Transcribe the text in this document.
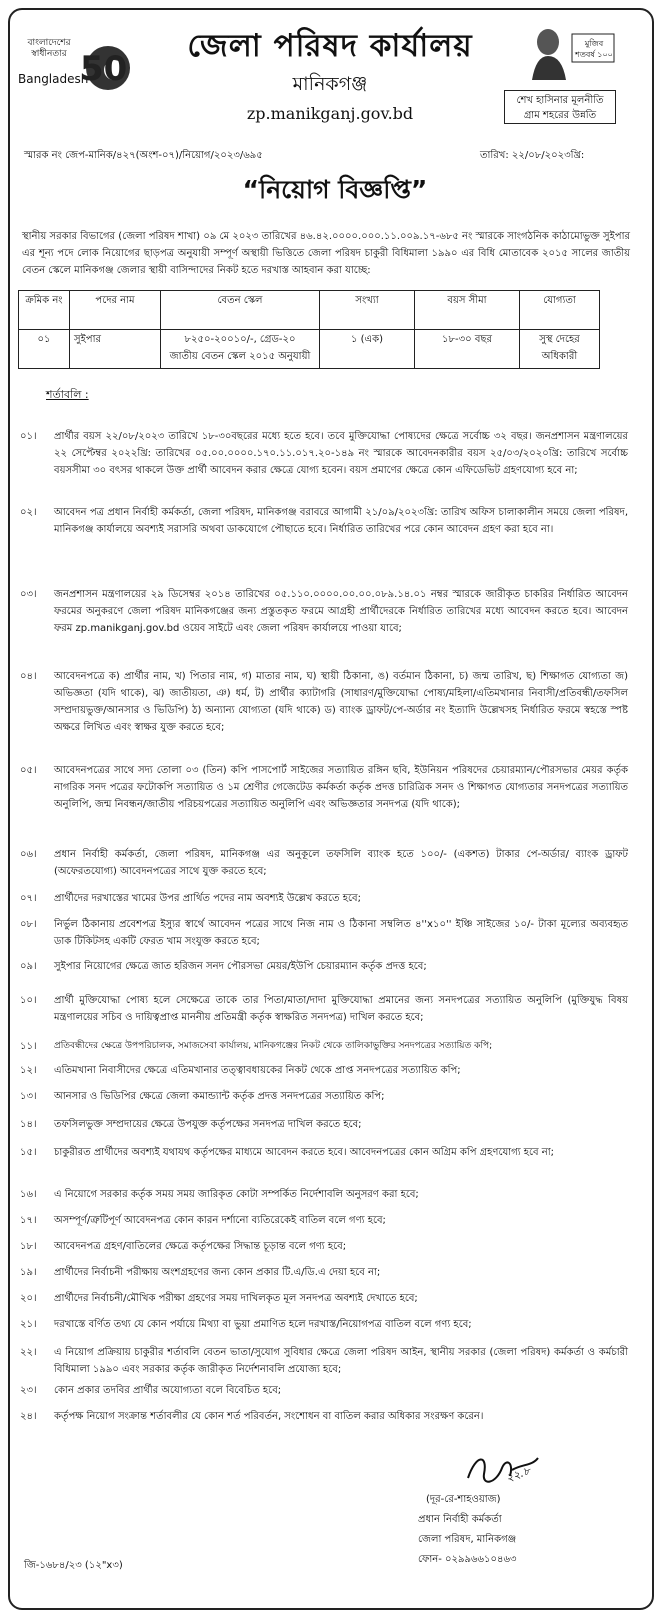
বাংলাদেশের স্বাধীনতার
Bangladesh
50
মুজিব শতবর্ষ ১০০
শেখ হাসিনার মূলনীতি
গ্রাম শহরের উন্নতি
জেলা পরিষদ কার্যালয়
মানিকগঞ্জ
zp.manikganj.gov.bd
স্মারক নং জেপ-মানিক/৪২৭(অংশ-০৭)/নিয়োগ/২০২৩/৬৯৫	তারিখ: ২২/০৮/২০২৩খ্রি:
“নিয়োগ বিজ্ঞপ্তি”
স্থানীয় সরকার বিভাগের (জেলা পরিষদ শাখা) ০৯ মে ২০২৩ তারিখের ৪৬.৪২.০০০০.০০০.১১.০০৯.১৭-৬৮৫ নং স্মারকে সাংগঠনিক কাঠামোভুক্ত সুইপার এর শূন্য পদে লোক নিয়োগের ছাড়পত্র অনুযায়ী সম্পূর্ণ অস্থায়ী ভিত্তিতে জেলা পরিষদ চাকুরী বিধিমালা ১৯৯০ এর বিধি মোতাবেক ২০১৫ সালের জাতীয় বেতন স্কেলে মানিকগঞ্জ জেলার স্থায়ী বাসিন্দাদের নিকট হতে দরখাস্ত আহবান করা যাচ্ছে:
ক্রমিক নং	পদের নাম	বেতন স্কেল	সংখ্যা	বয়স সীমা	যোগ্যতা
০১	সুইপার	৮২৫০-২০০১০/-, গ্রেড-২০
জাতীয় বেতন স্কেল ২০১৫ অনুযায়ী	১ (এক)	১৮-৩০ বছর	সুস্থ দেহের অধিকারী
শর্তাবলি :
০১।	প্রার্থীর বয়স ২২/০৮/২০২৩ তারিখে ১৮-৩০বছরের মধ্যে হতে হবে। তবে মুক্তিযোদ্ধা পোষ্যদের ক্ষেত্রে সর্বোচ্চ ৩২ বছর। জনপ্রশাসন মন্ত্রণালয়ের ২২ সেপ্টেম্বর ২০২২খ্রি: তারিখের ০৫.০০.০০০০.১৭০.১১.০১৭.২০-১৪৯ নং স্মারকে আবেদনকারীর বয়স ২৫/০৩/২০২০খ্রি: তারিখে সর্বোচ্চ বয়সসীমা ৩০ বৎসর থাকলে উক্ত প্রার্থী আবেদন করার ক্ষেত্রে যোগ্য হবেন। বয়স প্রমাণের ক্ষেত্রে কোন এফিডেভিট গ্রহণযোগ্য হবে না;
০২।	আবেদন পত্র প্রধান নির্বাহী কর্মকর্তা, জেলা পরিষদ, মানিকগঞ্জ বরাবরে আগামী ২১/০৯/২০২৩খ্রি: তারিখ অফিস চালাকালীন সময়ে জেলা পরিষদ, মানিকগঞ্জ কার্যালয়ে অবশ্যই সরাসরি অথবা ডাকযোগে পৌছাতে হবে। নির্ধারিত তারিখের পরে কোন আবেদন গ্রহণ করা হবে না।
০৩।	জনপ্রশাসন মন্ত্রণালয়ের ২৯ ডিসেম্বর ২০১৪ তারিখের ০৫.১১০.০০০০.০০.০০.০৮৯.১৪.০১ নম্বর স্মারকে জারীকৃত চাকরির নির্ধারিত আবেদন ফরমের অনুকরণে জেলা পরিষদ মানিকগঞ্জের জন্য প্রস্তুতকৃত ফরমে আগ্রহী প্রার্থীদেরকে নির্ধারিত তারিখের মধ্যে আবেদন করতে হবে। আবেদন ফরম zp.manikganj.gov.bd ওয়েব সাইটে এবং জেলা পরিষদ কার্যালয়ে পাওয়া যাবে;
০৪।	আবেদনপত্রে ক) প্রার্থীর নাম, খ) পিতার নাম, গ) মাতার নাম, ঘ) স্থায়ী ঠিকানা, ঙ) বর্তমান ঠিকানা, চ) জন্ম তারিখ, ছ) শিক্ষাগত যোগ্যতা জ) অভিজ্ঞতা (যদি থাকে), ঝ) জাতীয়তা, ঞ) ধর্ম, ট) প্রার্থীর ক্যাটাগরি (সাধারণ/মুক্তিযোদ্ধা পোষ্য/মহিলা/এতিমখানার নিবাসী/প্রতিবন্ধী/তফসিল সম্প্রদায়ভুক্ত/আনসার ও ভিডিপি) ঠ) অন্যান্য যোগ্যতা (যদি থাকে) ড) ব্যাংক ড্রাফট/পে-অর্ডার নং ইত্যাদি উল্লেখসহ নির্ধারিত ফরমে স্বহস্তে স্পষ্ট অক্ষরে লিখিত এবং স্বাক্ষর যুক্ত করতে হবে;
০৫।	আবেদনপত্রের সাথে সদ্য তোলা ০৩ (তিন) কপি পাসপোর্ট সাইজের সত্যায়িত রঙ্গিন ছবি, ইউনিয়ন পরিষদের চেয়ারম্যান/পৌরসভার মেয়র কর্তৃক নাগরিক সনদ পত্রের ফটোকপি সত্যায়িত ও ১ম শ্রেণীর গেজেটেড কর্মকর্তা কর্তৃক প্রদত্ত চারিত্রিক সনদ ও শিক্ষাগত যোগ্যতার সনদপত্রের সত্যায়িত অনুলিপি, জন্ম নিবন্ধন/জাতীয় পরিচয়পত্রের সত্যায়িত অনুলিপি এবং অভিজ্ঞতার সনদপত্র (যদি থাকে);
০৬।	প্রধান নির্বাহী কর্মকর্তা, জেলা পরিষদ, মানিকগঞ্জ এর অনুকূলে তফসিলি ব্যাংক হতে ১০০/- (একশত) টাকার পে-অর্ডার/ ব্যাংক ড্রাফট (অফেরতযোগ্য) আবেদনপত্রের সাথে যুক্ত করতে হবে;
০৭।	প্রার্থীদের দরখাস্তের খামের উপর প্রার্থিত পদের নাম অবশ্যই উল্লেখ করতে হবে;
০৮।	নির্ভুল ঠিকানায় প্রবেশপত্র ইস্যুর স্বার্থে আবেদন পত্রের সাথে নিজ নাম ও ঠিকানা সম্বলিত ৪''x১০'' ইঞ্চি সাইজের ১০/- টাকা মূল্যের অব্যবহৃত ডাক টিকিটসহ একটি ফেরত খাম সংযুক্ত করতে হবে;
০৯।	সুইপার নিয়োগের ক্ষেত্রে জাত হরিজন সনদ পৌরসভা মেয়র/ইউপি চেয়ারম্যান কর্তৃক প্রদত্ত হবে;
১০।	প্রার্থী মুক্তিযোদ্ধা পোষ্য হলে সেক্ষেত্রে তাকে তার পিতা/মাতা/দাদা মুক্তিযোদ্ধা প্রমানের জন্য সনদপত্রের সত্যায়িত অনুলিপি (মুক্তিযুদ্ধ বিষয় মন্ত্রণালয়ের সচিব ও দায়িত্বপ্রাপ্ত মাননীয় প্রতিমন্ত্রী কর্তৃক স্বাক্ষরিত সনদপত্র) দাখিল করতে হবে;
১১।	প্রতিবন্ধীদের ক্ষেত্রে উপপরিচালক, সমাজসেবা কার্যালয়, মানিকগঞ্জের নিকট থেকে তালিকাভুক্তির সনদপত্রের সত্যায়িত কপি;
১২।	এতিমখানা নিবাসীদের ক্ষেত্রে এতিমখানার তত্ত্বাবধায়কের নিকট থেকে প্রাপ্ত সনদপত্রের সত্যায়িত কপি;
১৩।	আনসার ও ভিডিপির ক্ষেত্রে জেলা কমান্ড্যান্ট কর্তৃক প্রদত্ত সনদপত্রের সত্যায়িত কপি;
১৪।	তফসিলভুক্ত সম্প্রদায়ের ক্ষেত্রে উপযুক্ত কর্তৃপক্ষের সনদপত্র দাখিল করতে হবে;
১৫।	চাকুরীরত প্রার্থীদের অবশ্যই যথাযথ কর্তৃপক্ষের মাধ্যমে আবেদন করতে হবে। আবেদনপত্রের কোন অগ্রিম কপি গ্রহণযোগ্য হবে না;
১৬।	এ নিয়োগে সরকার কর্তৃক সময় সময় জারিকৃত কোটা সম্পর্কিত নির্দেশাবলি অনুসরণ করা হবে;
১৭।	অসম্পূর্ণ/ত্রুটিপূর্ণ আবেদনপত্র কোন কারন দর্শানো ব্যতিরেকেই বাতিল বলে গণ্য হবে;
১৮।	আবেদনপত্র গ্রহণ/বাতিলের ক্ষেত্রে কর্তৃপক্ষের সিদ্ধান্ত চূড়ান্ত বলে গণ্য হবে;
১৯।	প্রার্থীদের নির্বাচনী পরীক্ষায় অংশগ্রহণের জন্য কোন প্রকার টি.এ/ডি.এ দেয়া হবে না;
২০।	প্রার্থীদের নির্বাচনী/মৌখিক পরীক্ষা গ্রহণের সময় দাখিলকৃত মূল সনদপত্র অবশ্যই দেখাতে হবে;
২১।	দরখাস্তে বর্ণিত তথ্য যে কোন পর্যায়ে মিথ্যা বা ভুয়া প্রমাণিত হলে দরখাস্ত/নিয়োগপত্র বাতিল বলে গণ্য হবে;
২২।	এ নিয়োগ প্রক্রিয়ায় চাকুরীর শর্তাবলি বেতন ভাতা/সুযোগ সুবিধার ক্ষেত্রে জেলা পরিষদ আইন, স্থানীয় সরকার (জেলা পরিষদ) কর্মকর্তা ও কর্মচারী বিধিমালা ১৯৯০ এবং সরকার কর্তৃক জারীকৃত নির্দেশনাবলি প্রযোজ্য হবে;
২৩।	কোন প্রকার তদবির প্রার্থীর অযোগ্যতা বলে বিবেচিত হবে;
২৪।	কর্তৃপক্ষ নিয়োগ সংক্রান্ত শর্তাবলীর যে কোন শর্ত পরিবর্তন, সংশোধন বা বাতিল করার অধিকার সংরক্ষণ করেন।
২২.৮
(দূর-রে-শাহওয়াজ)
প্রধান নির্বাহী কর্মকর্তা
জেলা পরিষদ, মানিকগঞ্জ
ফোন- ০২৯৯৬৬১০৪৬৩
জি-১৬৮৪/২৩ (১২"x৩)
